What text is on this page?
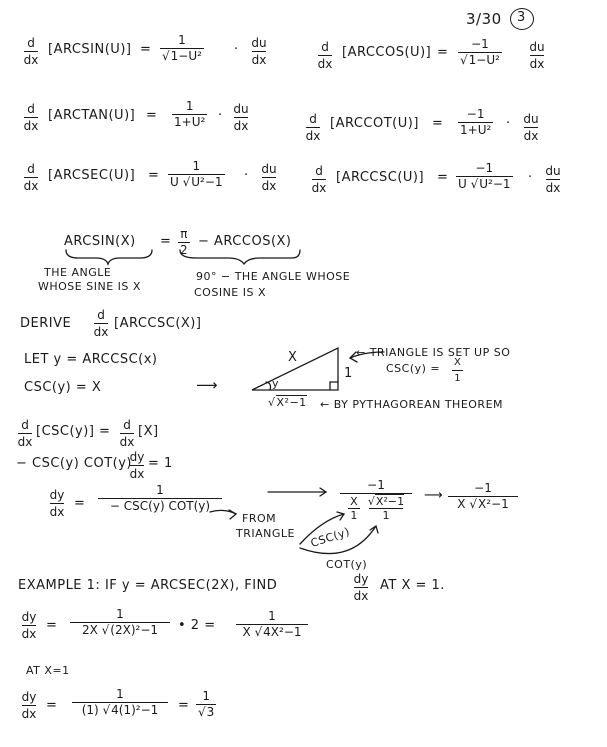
3/30 3
d
dx
[ARCSIN(U)] =
1
√1−U² · du
dx
d
dx
[ARCCOS(U)] =
−1
√1−U²
du
dx
d
dx
[ARCTAN(U)] =
1
1+U² · du
dx	d
dx
[ARCCOT(U)] =
−1
1+U² · du
dx
d
dx
[ARCSEC(U)] =
1
U √U²−1 · du
dx
d
dx
[ARCCSC(U)] =
−1
U √U²−1 · du
dx
ARCSIN(X) = π
2
− ARCCOS(X)
THE ANGLE
WHOSE SINE IS X
90° − THE ANGLE WHOSE
COSINE IS X
DERIVE
d
dx
[ARCCSC(X)]
LET y = ARCCSC(x)
CSC(y) = X	⟶
X
1
y
√X²−1 ← BY PYTHAGOREAN THEOREM
← TRIANGLE IS SET UP SO
CSC(y) = X
1
d
dx
[CSC(y)] = d
dx
[X]
− CSC(y) COT(y)
dy
dx
= 1
dy
dx
=
1
− CSC(y) COT(y)
FROM
TRIANGLE CSC(y)
COT(y)
−1
X
1
√X²−1
1
⟶	−1
X √X²−1
EXAMPLE 1: IF y = ARCSEC(2X), FIND	dy
dx
AT X = 1.
dy
dx
=
1
2X √(2X)²−1 • 2 =
1
X √4X²−1
AT X=1
dy
dx
=
1
(1) √4(1)²−1 =
1
√3
